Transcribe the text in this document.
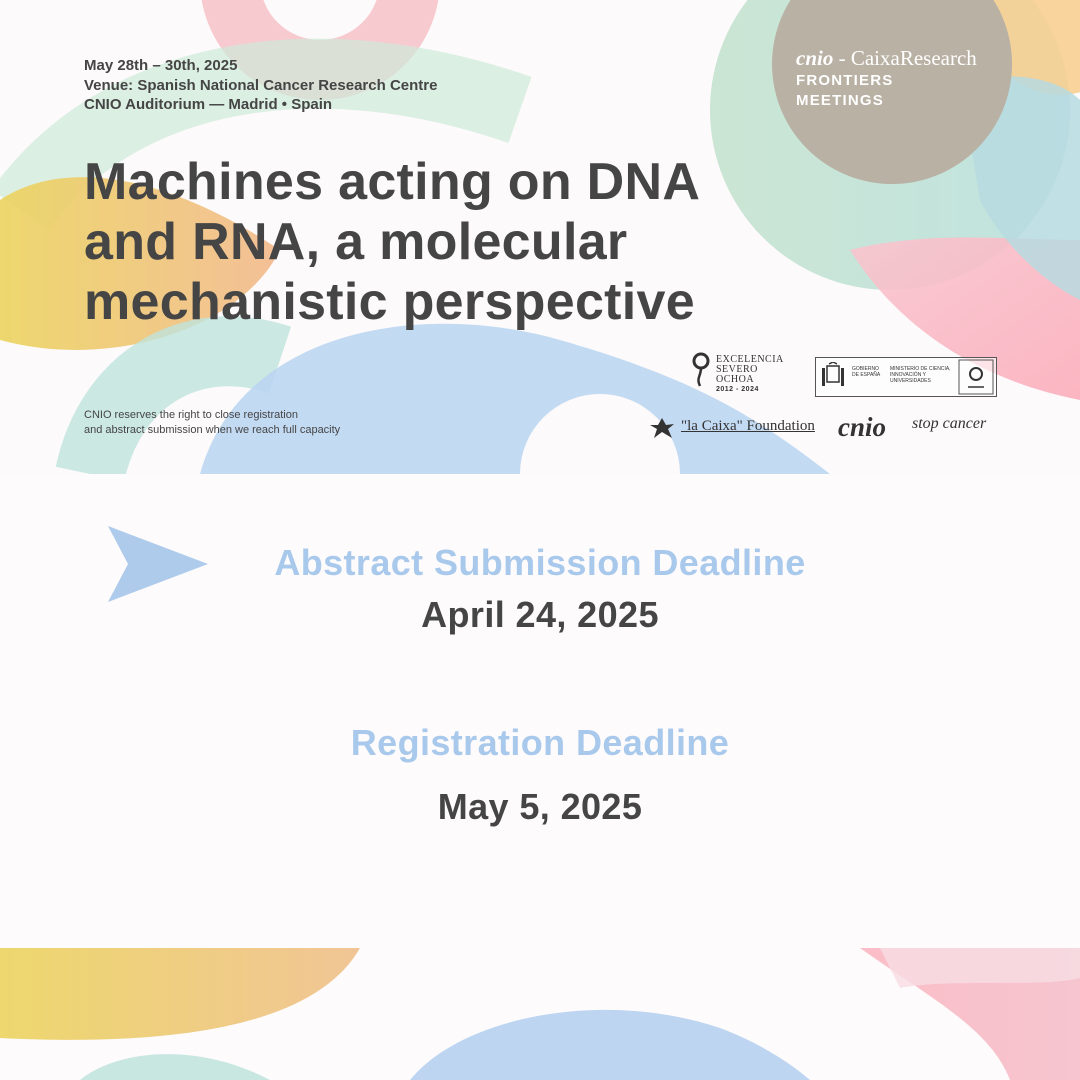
May 28th – 30th, 2025
Venue: Spanish National Cancer Research Centre
CNIO Auditorium — Madrid • Spain
Machines acting on DNA
and RNA, a molecular
mechanistic perspective
CNIO reserves the right to close registration
and abstract submission when we reach full capacity
cnio - CaixaResearch
FRONTIERS
MEETINGS
EXCELENCIA
SEVERO
OCHOA
2012 - 2024
GOBIERNO DE ESPAÑA
MINISTERIO DE CIENCIA, INNOVACIÓN Y UNIVERSIDADES
"la Caixa" Foundation cnio stop cancer
Abstract Submission Deadline
April 24, 2025
Registration Deadline
May 5, 2025
